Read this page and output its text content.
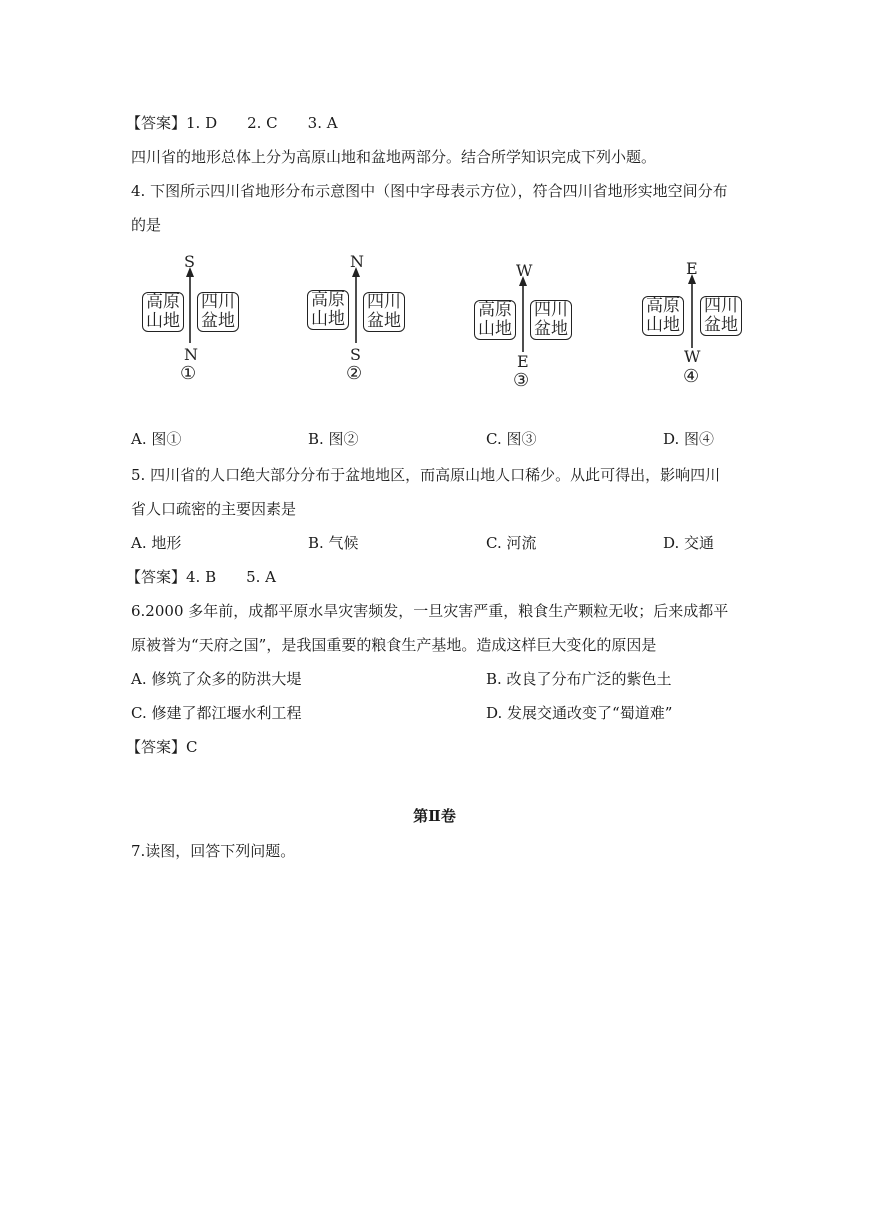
【答案】1. D　　2. C　　3. A
四川省的地形总体上分为高原山地和盆地两部分。结合所学知识完成下列小题。
4. 下图所示四川省地形分布示意图中（图中字母表示方位），符合四川省地形实地空间分布
的是
S
高原
山地
四川
盆地
N
①
N
高原
山地
四川
盆地
S
②
W
高原
山地
四川
盆地
E
③
E
高原
山地
四川
盆地
W
④
A. 图①	B. 图②	C. 图③	D. 图④
5. 四川省的人口绝大部分分布于盆地地区，而高原山地人口稀少。从此可得出，影响四川
省人口疏密的主要因素是
A. 地形	B. 气候	C. 河流	D. 交通
【答案】4. B　　5. A
6.2000 多年前，成都平原水旱灾害频发，一旦灾害严重，粮食生产颗粒无收；后来成都平
原被誉为“天府之国”，是我国重要的粮食生产基地。造成这样巨大变化的原因是
A. 修筑了众多的防洪大堤	B. 改良了分布广泛的紫色土
C. 修建了都江堰水利工程	D. 发展交通改变了“蜀道难”
【答案】C
第Ⅱ卷
7.读图，回答下列问题。
